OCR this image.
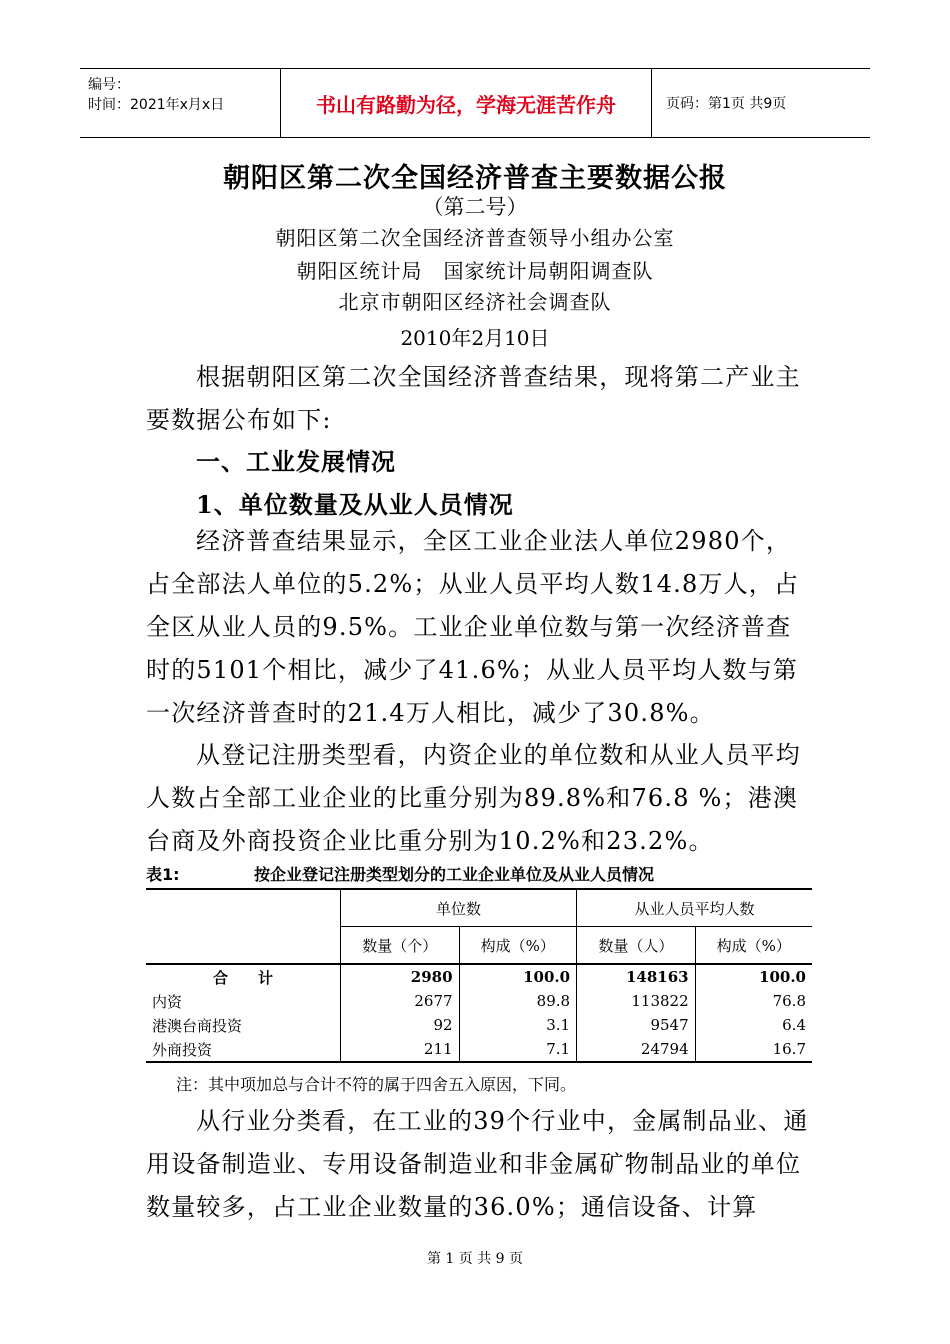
编号：
时间：2021年x月x日	书山有路勤为径，学海无涯苦作舟	页码：第1页 共9页
朝阳区第二次全国经济普查主要数据公报
（第二号）
朝阳区第二次全国经济普查领导小组办公室
朝阳区统计局　国家统计局朝阳调查队
北京市朝阳区经济社会调查队
2010年2月10日
根据朝阳区第二次全国经济普查结果，现将第二产业主要数据公布如下:
一、工业发展情况
1、单位数量及从业人员情况
经济普查结果显示，全区工业企业法人单位2980个，占全部法人单位的5.2%；从业人员平均人数14.8万人，占全区从业人员的9.5%。工业企业单位数与第一次经济普查时的5101个相比，减少了41.6%；从业人员平均人数与第一次经济普查时的21.4万人相比，减少了30.8%。
从登记注册类型看，内资企业的单位数和从业人员平均人数占全部工业企业的比重分别为89.8%和76.8 %；港澳台商及外商投资企业比重分别为10.2%和23.2%。
表1:	按企业登记注册类型划分的工业企业单位及从业人员情况
	单位数		从业人员平均人数	
	数量（个）	构成（%）	数量（人）	构成（%）
合　　计	2980	100.0	148163	100.0
内资	2677	89.8	113822	76.8
港澳台商投资	92	3.1	9547	6.4
外商投资	211	7.1	24794	16.7
注：其中项加总与合计不符的属于四舍五入原因，下同。
从行业分类看，在工业的39个行业中，金属制品业、通用设备制造业、专用设备制造业和非金属矿物制品业的单位数量较多，占工业企业数量的36.0%；通信设备、计算
第 1 页 共 9 页
